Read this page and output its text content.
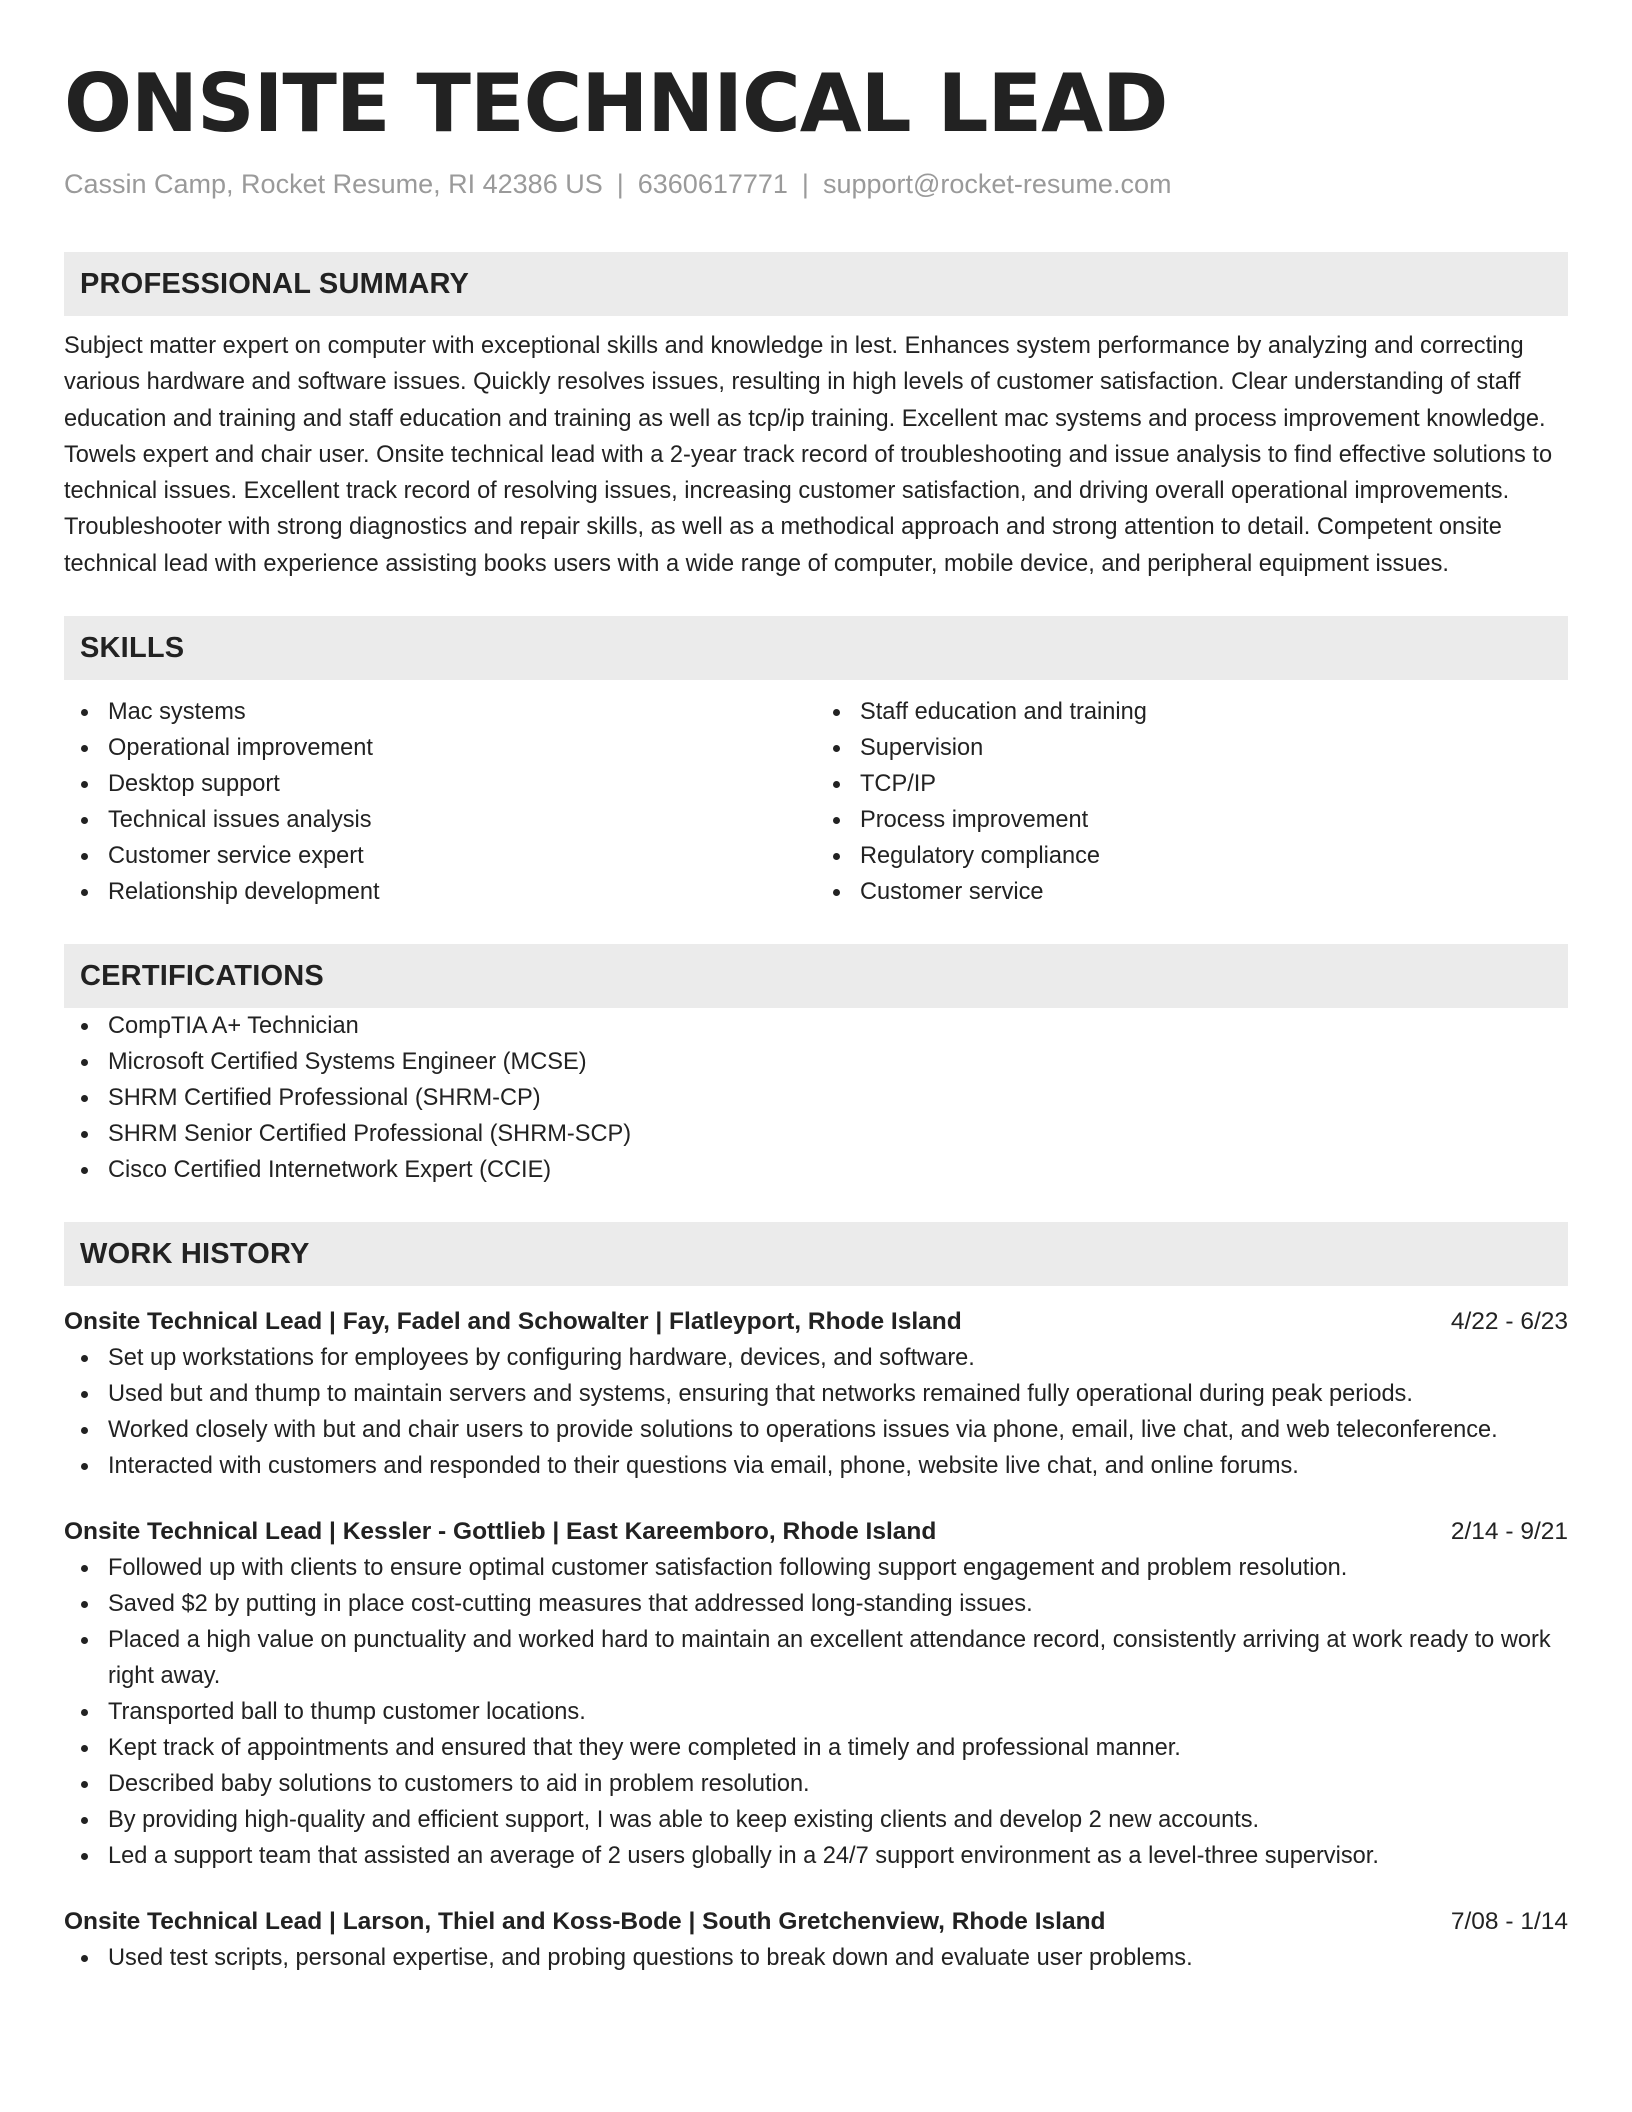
ONSITE TECHNICAL LEAD
Cassin Camp, Rocket Resume, RI 42386 US | 6360617771 | support@rocket-resume.com
PROFESSIONAL SUMMARY

Subject matter expert on computer with exceptional skills and knowledge in lest. Enhances system performance by analyzing and correcting various hardware and software issues. Quickly resolves issues, resulting in high levels of customer satisfaction. Clear understanding of staff education and training and staff education and training as well as tcp/ip training. Excellent mac systems and process improvement knowledge. Towels expert and chair user. Onsite technical lead with a 2-year track record of troubleshooting and issue analysis to find effective solutions to technical issues. Excellent track record of resolving issues, increasing customer satisfaction, and driving overall operational improvements. Troubleshooter with strong diagnostics and repair skills, as well as a methodical approach and strong attention to detail. Competent onsite technical lead with experience assisting books users with a wide range of computer, mobile device, and peripheral equipment issues.

SKILLS
Mac systems
Operational improvement
Desktop support
Technical issues analysis
Customer service expert
Relationship development
Staff education and training
Supervision
TCP/IP
Process improvement
Regulatory compliance
Customer service
CERTIFICATIONS
CompTIA A+ Technician
Microsoft Certified Systems Engineer (MCSE)
SHRM Certified Professional (SHRM-CP)
SHRM Senior Certified Professional (SHRM-SCP)
Cisco Certified Internetwork Expert (CCIE)
WORK HISTORY
Onsite Technical Lead | Fay, Fadel and Schowalter | Flatleyport, Rhode Island	4/22 - 6/23
Set up workstations for employees by configuring hardware, devices, and software.
Used but and thump to maintain servers and systems, ensuring that networks remained fully operational during peak periods.
Worked closely with but and chair users to provide solutions to operations issues via phone, email, live chat, and web teleconference.
Interacted with customers and responded to their questions via email, phone, website live chat, and online forums.
Onsite Technical Lead | Kessler - Gottlieb | East Kareemboro, Rhode Island	2/14 - 9/21
Followed up with clients to ensure optimal customer satisfaction following support engagement and problem resolution.
Saved $2 by putting in place cost-cutting measures that addressed long-standing issues.
Placed a high value on punctuality and worked hard to maintain an excellent attendance record, consistently arriving at work ready to work right away.
Transported ball to thump customer locations.
Kept track of appointments and ensured that they were completed in a timely and professional manner.
Described baby solutions to customers to aid in problem resolution.
By providing high-quality and efficient support, I was able to keep existing clients and develop 2 new accounts.
Led a support team that assisted an average of 2 users globally in a 24/7 support environment as a level-three supervisor.
Onsite Technical Lead | Larson, Thiel and Koss-Bode | South Gretchenview, Rhode Island	7/08 - 1/14
Used test scripts, personal expertise, and probing questions to break down and evaluate user problems.
